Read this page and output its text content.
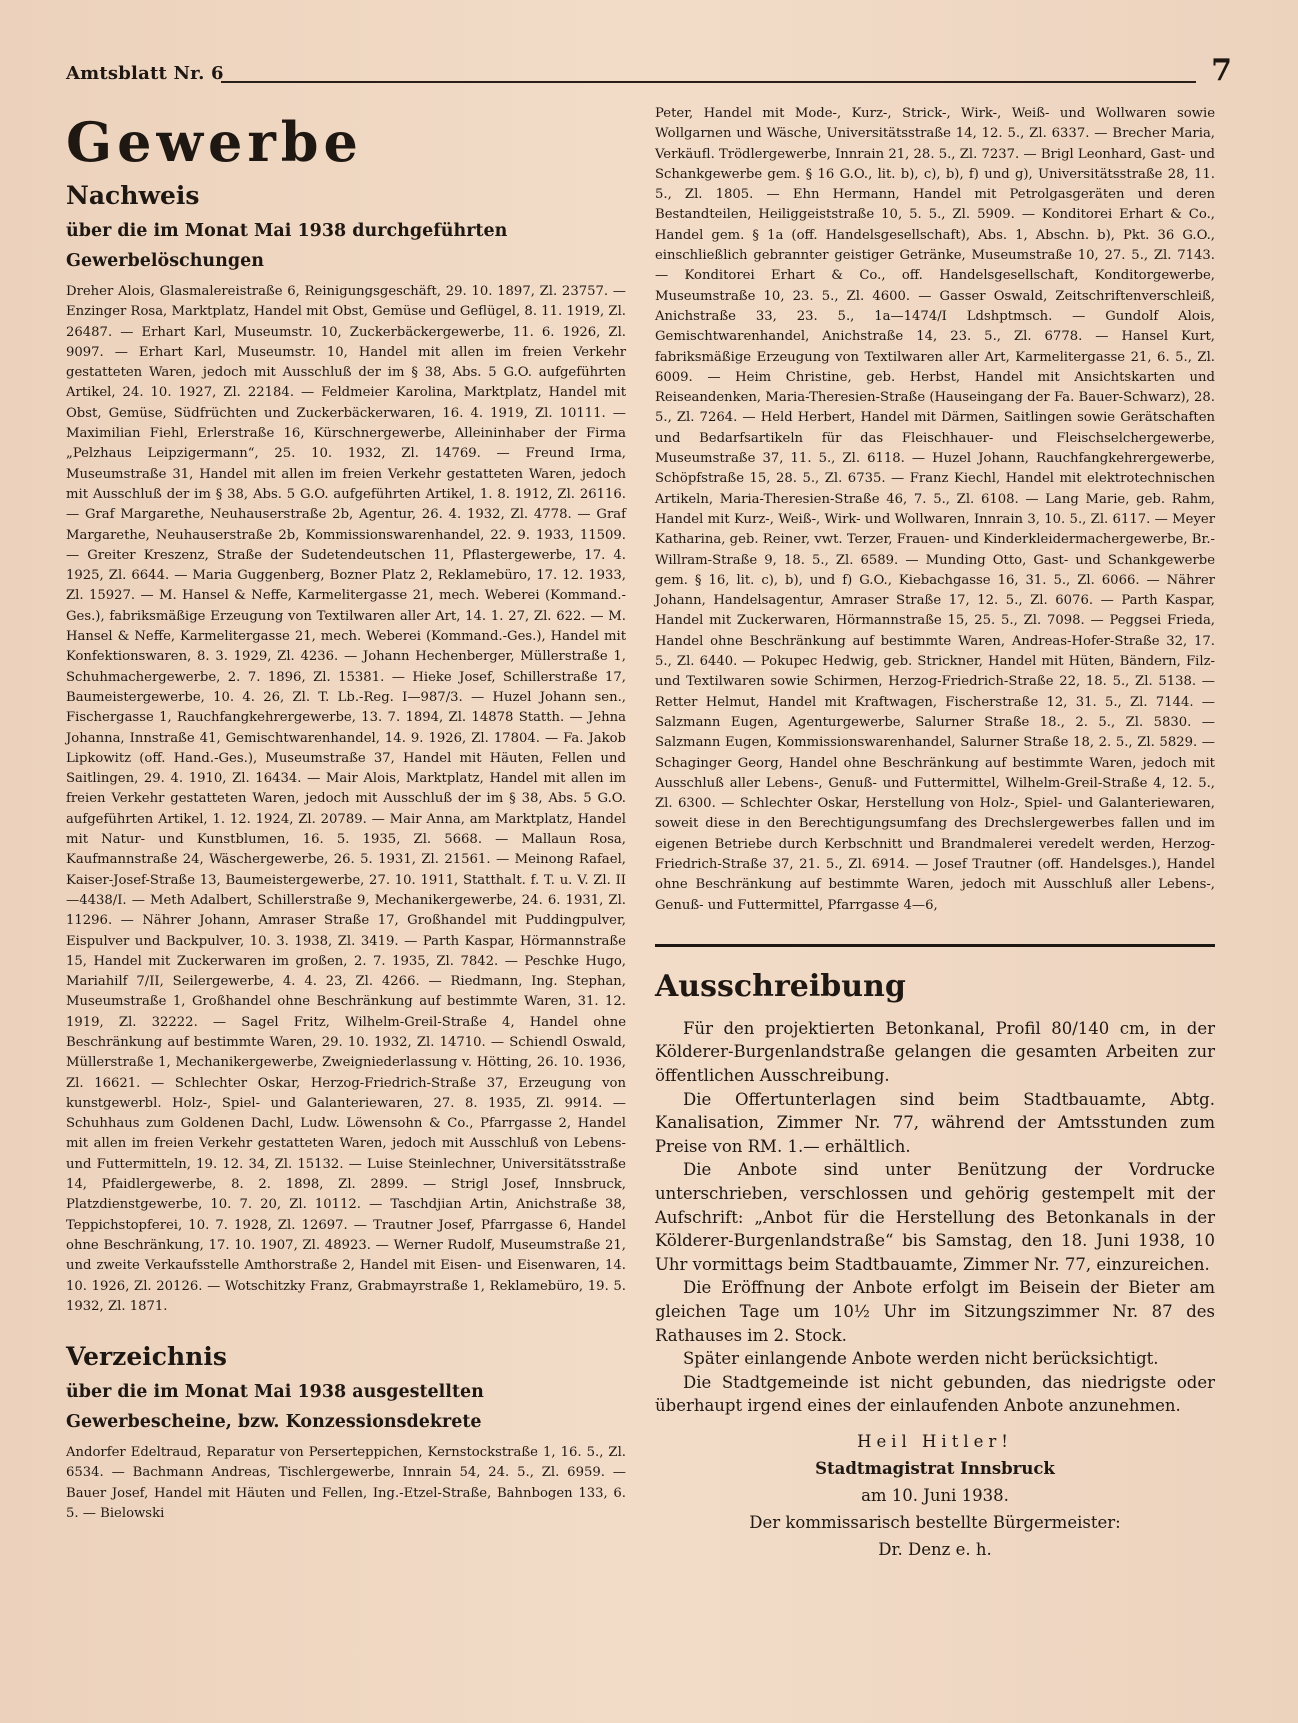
Amtsblatt Nr. 6	7
Gewerbe
Nachweis
über die im Monat Mai 1938 durchgeführten Gewerbelöschungen

Dreher Alois, Glasmalereistraße 6, Reinigungsgeschäft, 29. 10. 1897, Zl. 23757. — Enzinger Rosa, Marktplatz, Handel mit Obst, Gemüse und Geflügel, 8. 11. 1919, Zl. 26487. — Erhart Karl, Museumstr. 10, Zuckerbäckergewerbe, 11. 6. 1926, Zl. 9097. — Erhart Karl, Museumstr. 10, Handel mit allen im freien Verkehr gestatteten Waren, jedoch mit Ausschluß der im § 38, Abs. 5 G.O. aufgeführten Artikel, 24. 10. 1927, Zl. 22184. — Feldmeier Karolina, Marktplatz, Handel mit Obst, Gemüse, Südfrüchten und Zuckerbäckerwaren, 16. 4. 1919, Zl. 10111. — Maximilian Fiehl, Erlerstraße 16, Kürschnergewerbe, Alleininhaber der Firma „Pelzhaus Leipzigermann“, 25. 10. 1932, Zl. 14769. — Freund Irma, Museumstraße 31, Handel mit allen im freien Verkehr gestatteten Waren, jedoch mit Ausschluß der im § 38, Abs. 5 G.O. aufgeführten Artikel, 1. 8. 1912, Zl. 26116. — Graf Margarethe, Neuhauserstraße 2b, Agentur, 26. 4. 1932, Zl. 4778. — Graf Margarethe, Neuhauserstraße 2b, Kommissionswarenhandel, 22. 9. 1933, 11509. — Greiter Kreszenz, Straße der Sudetendeutschen 11, Pflastergewerbe, 17. 4. 1925, Zl. 6644. — Maria Guggenberg, Bozner Platz 2, Reklamebüro, 17. 12. 1933, Zl. 15927. — M. Hansel & Neffe, Karmelitergasse 21, mech. Weberei (Kommand.-Ges.), fabriksmäßige Erzeugung von Textilwaren aller Art, 14. 1. 27, Zl. 622. — M. Hansel & Neffe, Karmelitergasse 21, mech. Weberei (Kommand.-Ges.), Handel mit Konfektionswaren, 8. 3. 1929, Zl. 4236. — Johann Hechenberger, Müllerstraße 1, Schuhmachergewerbe, 2. 7. 1896, Zl. 15381. — Hieke Josef, Schillerstraße 17, Baumeistergewerbe, 10. 4. 26, Zl. T. Lb.-Reg. I—987/3. — Huzel Johann sen., Fischergasse 1, Rauchfangkehrergewerbe, 13. 7. 1894, Zl. 14878 Statth. — Jehna Johanna, Innstraße 41, Gemischtwarenhandel, 14. 9. 1926, Zl. 17804. — Fa. Jakob Lipkowitz (off. Hand.-Ges.), Museumstraße 37, Handel mit Häuten, Fellen und Saitlingen, 29. 4. 1910, Zl. 16434. — Mair Alois, Marktplatz, Handel mit allen im freien Verkehr gestatteten Waren, jedoch mit Ausschluß der im § 38, Abs. 5 G.O. aufgeführten Artikel, 1. 12. 1924, Zl. 20789. — Mair Anna, am Marktplatz, Handel mit Natur- und Kunstblumen, 16. 5. 1935, Zl. 5668. — Mallaun Rosa, Kaufmannstraße 24, Wäschergewerbe, 26. 5. 1931, Zl. 21561. — Meinong Rafael, Kaiser-Josef-Straße 13, Baumeistergewerbe, 27. 10. 1911, Statthalt. f. T. u. V. Zl. II—4438/I. — Meth Adalbert, Schillerstraße 9, Mechanikergewerbe, 24. 6. 1931, Zl. 11296. — Nährer Johann, Amraser Straße 17, Großhandel mit Puddingpulver, Eispulver und Backpulver, 10. 3. 1938, Zl. 3419. — Parth Kaspar, Hörmannstraße 15, Handel mit Zuckerwaren im großen, 2. 7. 1935, Zl. 7842. — Peschke Hugo, Mariahilf 7/II, Seilergewerbe, 4. 4. 23, Zl. 4266. — Riedmann, Ing. Stephan, Museumstraße 1, Großhandel ohne Beschränkung auf bestimmte Waren, 31. 12. 1919, Zl. 32222. — Sagel Fritz, Wilhelm-Greil-Straße 4, Handel ohne Beschränkung auf bestimmte Waren, 29. 10. 1932, Zl. 14710. — Schiendl Oswald, Müllerstraße 1, Mechanikergewerbe, Zweigniederlassung v. Hötting, 26. 10. 1936, Zl. 16621. — Schlechter Oskar, Herzog-Friedrich-Straße 37, Erzeugung von kunstgewerbl. Holz-, Spiel- und Galanteriewaren, 27. 8. 1935, Zl. 9914. — Schuhhaus zum Goldenen Dachl, Ludw. Löwensohn & Co., Pfarrgasse 2, Handel mit allen im freien Verkehr gestatteten Waren, jedoch mit Ausschluß von Lebens- und Futtermitteln, 19. 12. 34, Zl. 15132. — Luise Steinlechner, Universitätsstraße 14, Pfaidlergewerbe, 8. 2. 1898, Zl. 2899. — Strigl Josef, Innsbruck, Platzdienstgewerbe, 10. 7. 20, Zl. 10112. — Taschdjian Artin, Anichstraße 38, Teppichstopferei, 10. 7. 1928, Zl. 12697. — Trautner Josef, Pfarrgasse 6, Handel ohne Beschränkung, 17. 10. 1907, Zl. 48923. — Werner Rudolf, Museumstraße 21, und zweite Verkaufsstelle Amthorstraße 2, Handel mit Eisen- und Eisenwaren, 14. 10. 1926, Zl. 20126. — Wotschitzky Franz, Grabmayrstraße 1, Reklamebüro, 19. 5. 1932, Zl. 1871.

Verzeichnis
über die im Monat Mai 1938 ausgestellten Gewerbescheine, bzw. Konzessionsdekrete

Andorfer Edeltraud, Reparatur von Perserteppichen, Kernstockstraße 1, 16. 5., Zl. 6534. — Bachmann Andreas, Tischlergewerbe, Innrain 54, 24. 5., Zl. 6959. — Bauer Josef, Handel mit Häuten und Fellen, Ing.-Etzel-Straße, Bahnbogen 133, 6. 5. — Bielowski

Peter, Handel mit Mode-, Kurz-, Strick-, Wirk-, Weiß- und Wollwaren sowie Wollgarnen und Wäsche, Universitätsstraße 14, 12. 5., Zl. 6337. — Brecher Maria, Verkäufl. Trödlergewerbe, Innrain 21, 28. 5., Zl. 7237. — Brigl Leonhard, Gast- und Schankgewerbe gem. § 16 G.O., lit. b), c), b), f) und g), Universitätsstraße 28, 11. 5., Zl. 1805. — Ehn Hermann, Handel mit Petrolgasgeräten und deren Bestandteilen, Heiliggeiststraße 10, 5. 5., Zl. 5909. — Konditorei Erhart & Co., Handel gem. § 1a (off. Handelsgesellschaft), Abs. 1, Abschn. b), Pkt. 36 G.O., einschließlich gebrannter geistiger Getränke, Museumstraße 10, 27. 5., Zl. 7143. — Konditorei Erhart & Co., off. Handelsgesellschaft, Konditorgewerbe, Museumstraße 10, 23. 5., Zl. 4600. — Gasser Oswald, Zeitschriftenverschleiß, Anichstraße 33, 23. 5., 1a—1474/I Ldshptmsch. — Gundolf Alois, Gemischtwarenhandel, Anichstraße 14, 23. 5., Zl. 6778. — Hansel Kurt, fabriksmäßige Erzeugung von Textilwaren aller Art, Karmelitergasse 21, 6. 5., Zl. 6009. — Heim Christine, geb. Herbst, Handel mit Ansichtskarten und Reiseandenken, Maria-Theresien-Straße (Hauseingang der Fa. Bauer-Schwarz), 28. 5., Zl. 7264. — Held Herbert, Handel mit Därmen, Saitlingen sowie Gerätschaften und Bedarfsartikeln für das Fleischhauer- und Fleischselchergewerbe, Museumstraße 37, 11. 5., Zl. 6118. — Huzel Johann, Rauchfangkehrergewerbe, Schöpfstraße 15, 28. 5., Zl. 6735. — Franz Kiechl, Handel mit elektrotechnischen Artikeln, Maria-Theresien-Straße 46, 7. 5., Zl. 6108. — Lang Marie, geb. Rahm, Handel mit Kurz-, Weiß-, Wirk- und Wollwaren, Innrain 3, 10. 5., Zl. 6117. — Meyer Katharina, geb. Reiner, vwt. Terzer, Frauen- und Kinderkleidermachergewerbe, Br.-Willram-Straße 9, 18. 5., Zl. 6589. — Munding Otto, Gast- und Schankgewerbe gem. § 16, lit. c), b), und f) G.O., Kiebachgasse 16, 31. 5., Zl. 6066. — Nährer Johann, Handelsagentur, Amraser Straße 17, 12. 5., Zl. 6076. — Parth Kaspar, Handel mit Zuckerwaren, Hörmannstraße 15, 25. 5., Zl. 7098. — Peggsei Frieda, Handel ohne Beschränkung auf bestimmte Waren, Andreas-Hofer-Straße 32, 17. 5., Zl. 6440. — Pokupec Hedwig, geb. Strickner, Handel mit Hüten, Bändern, Filz- und Textilwaren sowie Schirmen, Herzog-Friedrich-Straße 22, 18. 5., Zl. 5138. — Retter Helmut, Handel mit Kraftwagen, Fischerstraße 12, 31. 5., Zl. 7144. — Salzmann Eugen, Agenturgewerbe, Salurner Straße 18., 2. 5., Zl. 5830. — Salzmann Eugen, Kommissionswarenhandel, Salurner Straße 18, 2. 5., Zl. 5829. — Schaginger Georg, Handel ohne Beschränkung auf bestimmte Waren, jedoch mit Ausschluß aller Lebens-, Genuß- und Futtermittel, Wilhelm-Greil-Straße 4, 12. 5., Zl. 6300. — Schlechter Oskar, Herstellung von Holz-, Spiel- und Galanteriewaren, soweit diese in den Berechtigungsumfang des Drechslergewerbes fallen und im eigenen Betriebe durch Kerbschnitt und Brandmalerei veredelt werden, Herzog-Friedrich-Straße 37, 21. 5., Zl. 6914. — Josef Trautner (off. Handelsges.), Handel ohne Beschränkung auf bestimmte Waren, jedoch mit Ausschluß aller Lebens-, Genuß- und Futtermittel, Pfarrgasse 4—6,

Ausschreibung

Für den projektierten Betonkanal, Profil 80/140 cm, in der Kölderer-Burgenlandstraße gelangen die gesamten Arbeiten zur öffentlichen Ausschreibung.

Die Offertunterlagen sind beim Stadtbauamte, Abtg. Kanalisation, Zimmer Nr. 77, während der Amtsstunden zum Preise von RM. 1.— erhältlich.

Die Anbote sind unter Benützung der Vordrucke unterschrieben, verschlossen und gehörig gestempelt mit der Aufschrift: „Anbot für die Herstellung des Betonkanals in der Kölderer-Burgenlandstraße“ bis Samstag, den 18. Juni 1938, 10 Uhr vormittags beim Stadtbauamte, Zimmer Nr. 77, einzureichen.

Die Eröffnung der Anbote erfolgt im Beisein der Bieter am gleichen Tage um 10½ Uhr im Sitzungszimmer Nr. 87 des Rathauses im 2. Stock.

Später einlangende Anbote werden nicht berücksichtigt.

Die Stadtgemeinde ist nicht gebunden, das niedrigste oder überhaupt irgend eines der einlaufenden Anbote anzunehmen.

Heil Hitler!

Stadtmagistrat Innsbruck

am 10. Juni 1938.

Der kommissarisch bestellte Bürgermeister:

Dr. Denz e. h.
